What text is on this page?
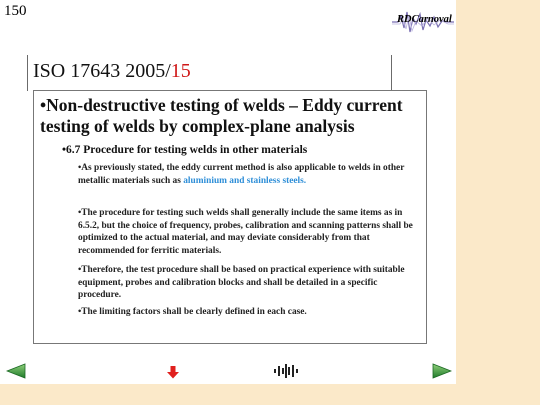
150
RDCarnoval
ISO 17643 2005/15
•Non-destructive testing of welds – Eddy current testing of welds by complex-plane analysis
•6.7 Procedure for testing welds in other materials
•As previously stated, the eddy current method is also applicable to welds in other metallic materials such as aluminium and stainless steels.
•The procedure for testing such welds shall generally include the same items as in 6.5.2, but the choice of frequency, probes, calibration and scanning patterns shall be optimized to the actual material, and may deviate considerably from that recommended for ferritic materials.
•Therefore, the test procedure shall be based on practical experience with suitable equipment, probes and calibration blocks and shall be detailed in a specific procedure.
•The limiting factors shall be clearly defined in each case.
